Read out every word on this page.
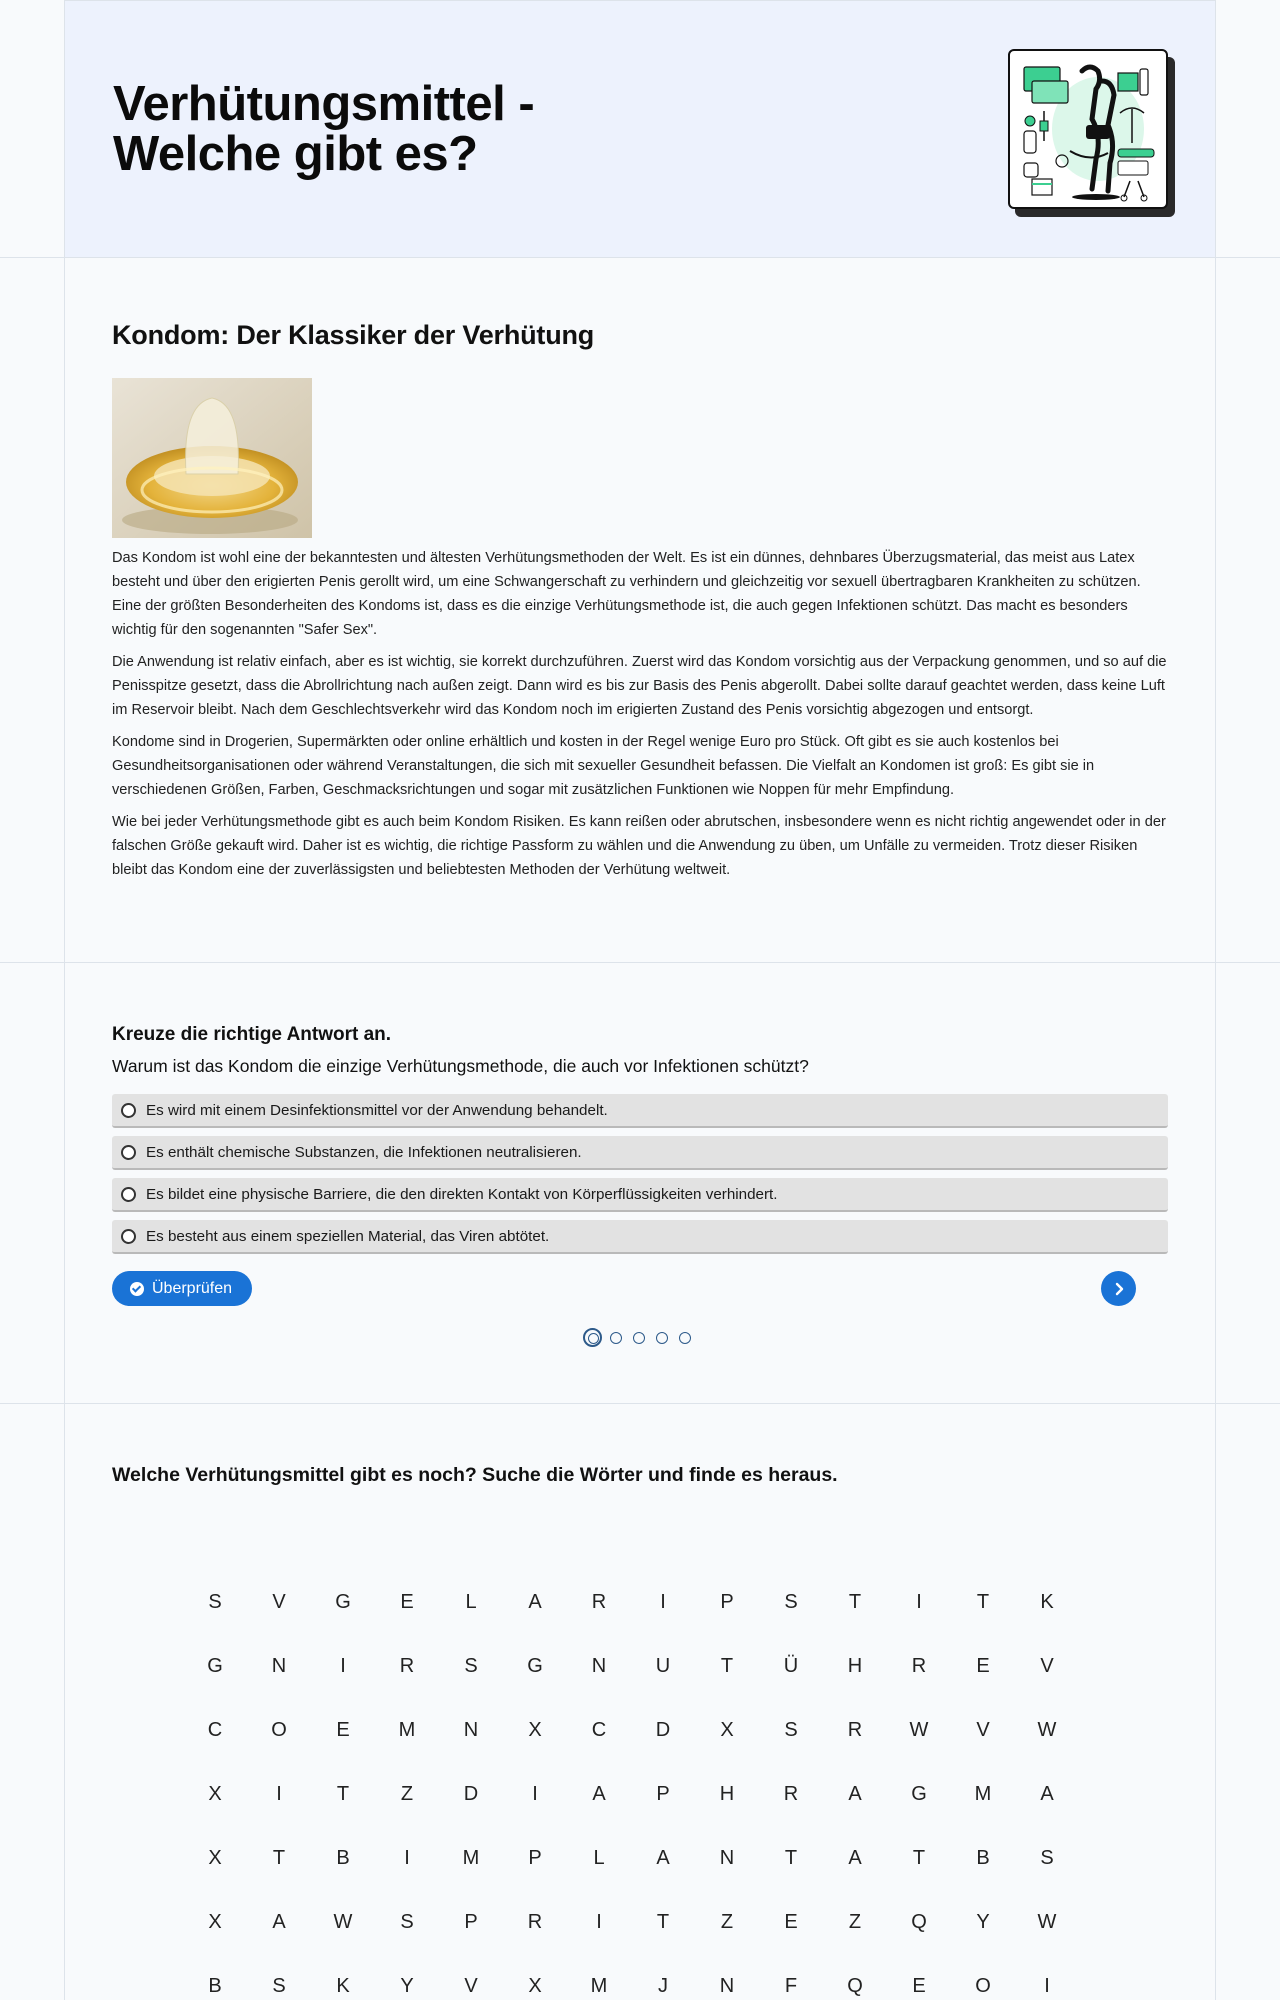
Verhütungsmittel -
Welche gibt es?
Kondom: Der Klassiker der Verhütung

Das Kondom ist wohl eine der bekanntesten und ältesten Verhütungsmethoden der Welt. Es ist ein dünnes, dehnbares Überzugsmaterial, das meist aus Latex besteht und über den erigierten Penis gerollt wird, um eine Schwangerschaft zu verhindern und gleichzeitig vor sexuell übertragbaren Krankheiten zu schützen. Eine der größten Besonderheiten des Kondoms ist, dass es die einzige Verhütungsmethode ist, die auch gegen Infektionen schützt. Das macht es besonders wichtig für den sogenannten "Safer Sex".

Die Anwendung ist relativ einfach, aber es ist wichtig, sie korrekt durchzuführen. Zuerst wird das Kondom vorsichtig aus der Verpackung genommen, und so auf die Penisspitze gesetzt, dass die Abrollrichtung nach außen zeigt. Dann wird es bis zur Basis des Penis abgerollt. Dabei sollte darauf geachtet werden, dass keine Luft im Reservoir bleibt. Nach dem Geschlechtsverkehr wird das Kondom noch im erigierten Zustand des Penis vorsichtig abgezogen und entsorgt.

Kondome sind in Drogerien, Supermärkten oder online erhältlich und kosten in der Regel wenige Euro pro Stück. Oft gibt es sie auch kostenlos bei Gesundheitsorganisationen oder während Veranstaltungen, die sich mit sexueller Gesundheit befassen. Die Vielfalt an Kondomen ist groß: Es gibt sie in verschiedenen Größen, Farben, Geschmacksrichtungen und sogar mit zusätzlichen Funktionen wie Noppen für mehr Empfindung.

Wie bei jeder Verhütungsmethode gibt es auch beim Kondom Risiken. Es kann reißen oder abrutschen, insbesondere wenn es nicht richtig angewendet oder in der falschen Größe gekauft wird. Daher ist es wichtig, die richtige Passform zu wählen und die Anwendung zu üben, um Unfälle zu vermeiden. Trotz dieser Risiken bleibt das Kondom eine der zuverlässigsten und beliebtesten Methoden der Verhütung weltweit.

Kreuze die richtige Antwort an.
Warum ist das Kondom die einzige Verhütungsmethode, die auch vor Infektionen schützt?
Es wird mit einem Desinfektionsmittel vor der Anwendung behandelt.
Es enthält chemische Substanzen, die Infektionen neutralisieren.
Es bildet eine physische Barriere, die den direkten Kontakt von Körperflüssigkeiten verhindert.
Es besteht aus einem speziellen Material, das Viren abtötet.
Überprüfen
Welche Verhütungsmittel gibt es noch? Suche die Wörter und finde es heraus.
S	V	G	E	L	A	R	I	P	S	T	I	T	K
G	N	I	R	S	G	N	U	T	Ü	H	R	E	V
C	O	E	M	N	X	C	D	X	S	R	W	V	W
X	I	T	Z	D	I	A	P	H	R	A	G	M	A
X	T	B	I	M	P	L	A	N	T	A	T	B	S
X	A	W	S	P	R	I	T	Z	E	Z	Q	Y	W
B	S	K	Y	V	X	M	J	N	F	Q	E	O	I
